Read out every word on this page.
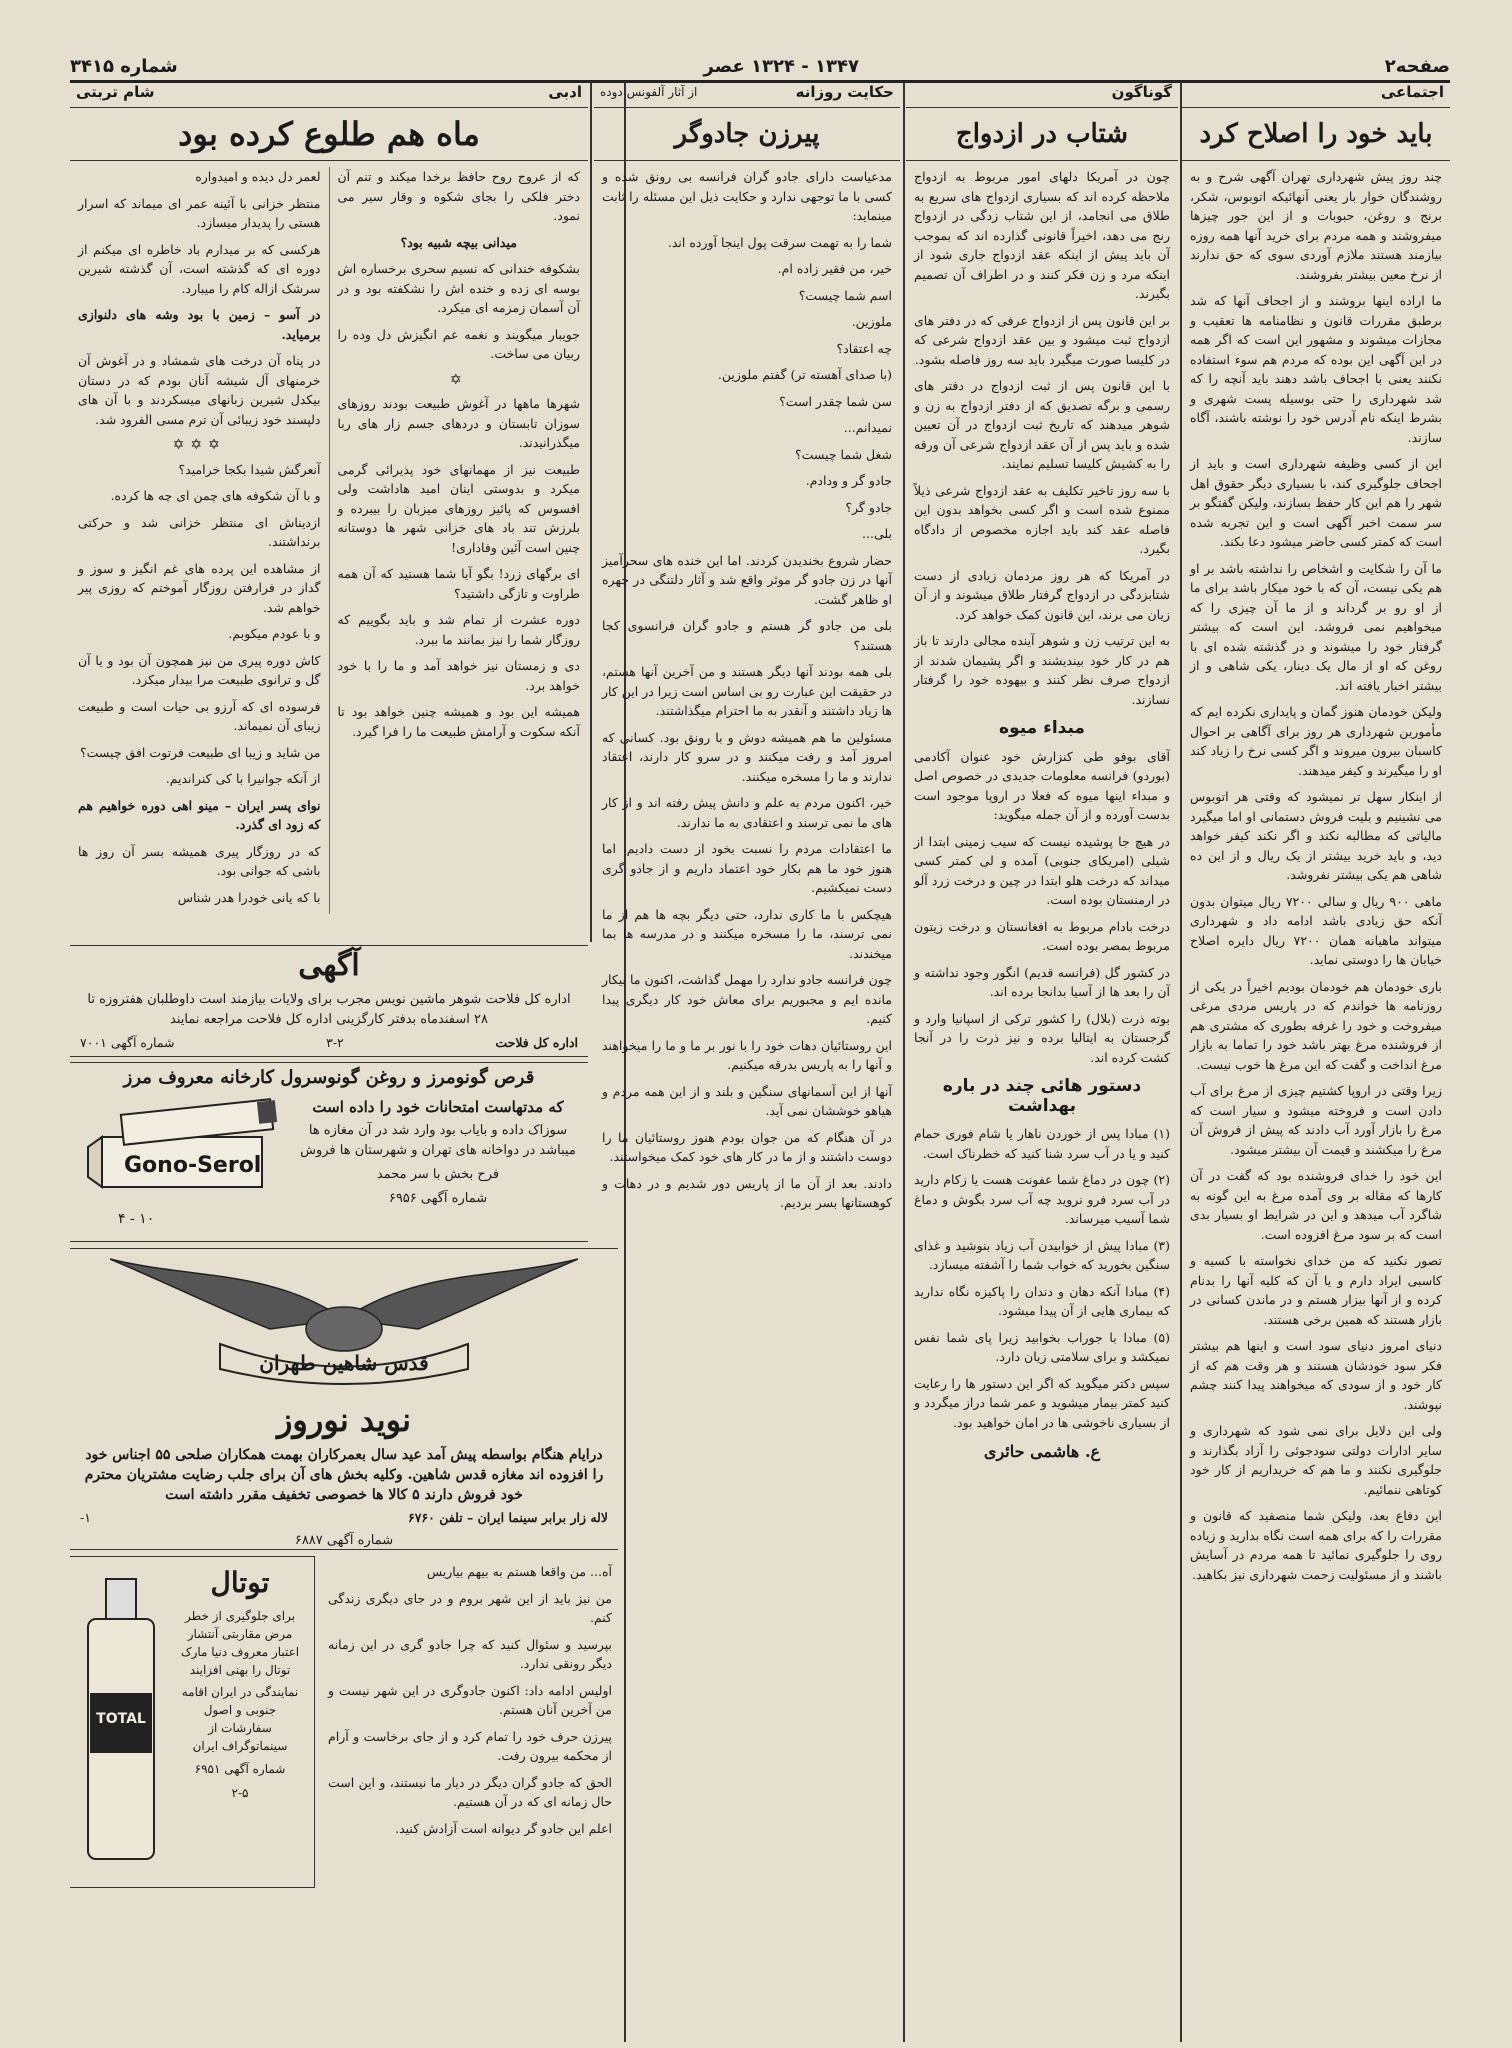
صفحه۲
۱۳۴۷ - ۱۳۲۴ عصر
شماره ۳۴۱۵
اجتماعی
باید خود را اصلاح کرد

چند روز پیش شهرداری تهران آگهی شرح و به روشندگان خوار بار یعنی آنهائیکه اتوبوس، شکر، برنج و روغن، حبوبات و از این جور چیزها میفروشند و همه مردم برای خرید آنها همه روزه بیازمند هستند ملازم آوردی سوی که حق ندارند از نرخ معین بیشتر بفروشند.

ما اراده اینها بروشند و از اجحاف آنها که شد برطبق مقررات قانون و نظامنامه ها تعقیب و مجازات میشوند و مشهور این است که اگر همه در این آگهی این بوده که مردم هم سوء استفاده نکنند یعنی با اجحاف باشد دهند باید آنچه را که شد شهرداری را حتی بوسیله پست شهری و بشرط اینکه نام آدرس خود را نوشته باشند، آگاه سازند.

این از کسی وظیفه شهرداری است و باید از اجحاف جلوگیری کند، با بسیاری دیگر حقوق اهل شهر را هم این کار حفظ بسازند، ولیکن گفتگو بر سر سمت اخبر آگهی است و این تجربه شده است که کمتر کسی حاضر میشود دعا بکند.

ما آن را شکایت و اشخاص را نداشته باشد بر او هم یکی نیست، آن که با خود میکار باشد برای ما از او رو بر گرداند و از ما آن چیزی را که میخواهیم نمی فروشد. این است که بیشتر گرفتار خود را میشوند و در گذشته شده ای با روغن که او از مال یک دینار، یکی شاهی و از بیشتر اخبار یافته اند.

ولیکن خودمان هنوز گمان و پایداری نکرده ایم که مأمورین شهرداری هر روز برای آگاهی بر احوال کاسبان بیرون میروند و اگر کسی نرخ را زیاد کند او را میگیرند و کیفر میدهند.

از اینکار سهل تر نمیشود که وقتی هر اتوبوس می نشینیم و بلیت فروش دستمانی او اما میگیرد مالیاتی که مطالبه نکند و اگر نکند کیفر خواهد دید، و باید خرید بیشتر از یک ریال و از این ده شاهی هم یکی بیشتر نفروشد.

ماهی ۹۰۰ ریال و سالی ۷۲۰۰ ریال میتوان بدون آنکه حق زیادی باشد ادامه داد و شهرداری میتواند ماهیانه همان ۷۲۰۰ ریال دایره اصلاح خیابان ها را دوستی نماید.

باری خودمان هم خودمان بودیم اخیراً در یکی از روزنامه ها خواندم که در پاریس مردی مرغی میفروخت و خود را غرفه بطوری که مشتری هم از فروشنده مرغ بهتر باشد خود را تماما به بازار مرغ انداخت و گفت که این مرغ ها خوب نیست.

زیرا وقتی در اروپا کشتیم چیزی از مرغ برای آب دادن است و فروخته میشود و سیار است که مرغ را بازار آورد آب دادند که پیش از فروش آن مرغ را میکشند و قیمت آن بیشتر میشود.

این خود را خدای فروشنده بود که گفت در آن کارها که مقاله بر وی آمده مرغ به این گونه به شاگرد آب میدهد و این در شرایط او بسیار بدی است که بر سود مرغ افزوده است.

تصور نکنید که من خدای نخواسته با کسیه و کاسبی ایراد دارم و یا آن که کلیه آنها را بدنام کرده و از آنها بیزار هستم و در ماندن کسانی در بازار هستند که همین برخی هستند.

دنیای امروز دنیای سود است و اینها هم بیشتر فکر سود خودشان هستند و هر وقت هم که از کار خود و از سودی که میخواهند پیدا کنند چشم نپوشند.

ولی این دلایل برای نمی شود که شهرداری و سایر ادارات دولتی سودجوئی را آزاد بگذارند و جلوگیری نکنند و ما هم که خریداریم از کار خود کوتاهی ننمائیم.

این دفاع بعد، ولیکن شما منصفید که قانون و مقررات را که برای همه است نگاه بدارید و زیاده روی را جلوگیری نمائید تا همه مردم در آسایش باشند و از مسئولیت زحمت شهرداری نیز بکاهید.

گوناگون
شتاب در ازدواج

چون در آمریکا دلهای امور مربوط به ازدواج ملاحظه کرده اند که بسیاری ازدواج های سریع به طلاق می انجامد، از این شتاب زدگی در ازدواج رنج می دهد، اخیراً قانونی گذارده اند که بموجب آن باید پیش از اینکه عقد ازدواج جاری شود از اینکه مرد و زن فکر کنند و در اطراف آن تصمیم بگیرند.

بر این قانون پس از ازدواج عرفی که در دفتر های ازدواج ثبت میشود و بین عقد ازدواج شرعی که در کلیسا صورت میگیرد باید سه روز فاصله بشود.

با این قانون پس از ثبت ازدواج در دفتر های رسمی و برگه تصدیق که از دفتر ازدواج به زن و شوهر میدهند که تاریخ ثبت ازدواج در آن تعیین شده و باید پس از آن عقد ازدواج شرعی آن ورقه را به کشیش کلیسا تسلیم نمایند.

با سه روز تاخیر تکلیف به عقد ازدواج شرعی ذیلاً ممنوع شده است و اگر کسی بخواهد بدون این فاصله عقد کند باید اجازه مخصوص از دادگاه بگیرد.

در آمریکا که هر روز مردمان زیادی از دست شتابزدگی در ازدواج گرفتار طلاق میشوند و از آن زیان می برند، این قانون کمک خواهد کرد.

به این ترتیب زن و شوهر آینده مجالی دارند تا باز هم در کار خود بیندیشند و اگر پشیمان شدند از ازدواج صرف نظر کنند و بیهوده خود را گرفتار نسازند.

مبداء میوه

آقای بوفو طی کنزارش خود عنوان آکادمی (بوردو) فرانسه معلومات جدیدی در خصوص اصل و مبداء اینها میوه که فعلا در اروپا موجود است بدست آورده و از آن جمله میگوید:

در هیچ جا پوشیده نیست که سیب زمینی ابتدا از شیلی (امریکای جنوبی) آمده و لی کمتر کسی میداند که درخت هلو ابتدا در چین و درخت زرد آلو در ارمنستان بوده است.

درخت بادام مربوط به افغانستان و درخت زیتون مربوط بمصر بوده است.

در کشور گل (فرانسه قدیم) انگور وجود نداشته و آن را بعد ها از آسیا بدانجا برده اند.

بوته ذرت (بلال) را کشور ترکی از اسپانیا وارد و گرجستان به ایتالیا برده و نیز ذرت را در آنجا کشت کرده اند.

دستور هائی چند در باره بهداشت

(۱) مبادا پس از خوردن ناهار یا شام فوری حمام کنید و یا در آب سرد شنا کنید که خطرناک است.

(۲) چون در دماغ شما عفونت هست یا زکام دارید در آب سرد فرو نروید چه آب سرد بگوش و دماغ شما آسیب میرساند.

(۳) مبادا پیش از خوابیدن آب زیاد بنوشید و غذای سنگین بخورید که خواب شما را آشفته میسازد.

(۴) مبادا آنکه دهان و دندان را پاکیزه نگاه ندارید که بیماری هایی از آن پیدا میشود.

(۵) مبادا با جوراب بخوابید زیرا پای شما نفس نمیکشد و برای سلامتی زیان دارد.

سپس دکتر میگوید که اگر این دستور ها را رعایت کنید کمتر بیمار میشوید و عمر شما دراز میگردد و از بسیاری ناخوشی ها در امان خواهید بود.

ع. هاشمی حائری
حکایت روزانه
از آثار آلفونس دوده
پیرزن جادوگر

مدعیاست دارای جادو گران فرانسه بی رونق شده و کسی با ما توجهی ندارد و حکایت ذیل این مسئله را ثابت مینماید:

شما را به تهمت سرقت پول اینجا آورده اند.

خیر، من فقیر زاده ام.

اسم شما چیست؟

ملوزین.

چه اعتقاد؟

(با صدای آهسته تر) گفتم ملوزین.

سن شما چقدر است؟

نمیدانم...

شغل شما چیست؟

جادو گر و ودادم.

جادو گر؟

بلی...

حضار شروع بخندیدن کردند. اما این خنده های سحرآمیز آنها در زن جادو گر موثر واقع شد و آثار دلتنگی در چهره او ظاهر گشت.

بلی من جادو گر هستم و جادو گران فرانسوی کجا هستند؟

بلی همه بودند آنها دیگر هستند و من آخرین آنها هستم، در حقیقت این عبارت رو بی اساس است زیرا در این کار ها زیاد داشتند و آنقدر به ما احترام میگذاشتند.

مسئولین ما هم همیشه دوش و با رونق بود. کسانی که امروز آمد و رفت میکنند و در سرو کار دارند، اعتقاد ندارند و ما را مسخره میکنند.

خیر، اکنون مردم به علم و دانش پیش رفته اند و از کار های ما نمی ترسند و اعتقادی به ما ندارند.

ما اعتقادات مردم را نسبت بخود از دست دادیم، اما هنوز خود ما هم بکار خود اعتماد داریم و از جادو گری دست نمیکشیم.

هیچکس با ما کاری ندارد، حتی دیگر بچه ها هم از ما نمی ترسند، ما را مسخره میکنند و در مدرسه ها بما میخندند.

چون فرانسه جادو ندارد را مهمل گذاشت، اکنون ما بیکار مانده ایم و مجبوریم برای معاش خود کار دیگری پیدا کنیم.

این روستائیان دهات خود را با نور بر ما و ما را میخواهند و آنها را به پاریس بدرقه میکنیم.

آنها از این آسمانهای سنگین و بلند و از این همه مردم و هیاهو خوششان نمی آید.

در آن هنگام که من جوان بودم هنوز روستائیان ما را دوست داشتند و از ما در کار های خود کمک میخواستند.

دادند. بعد از آن ما از پاریس دور شدیم و در دهات و کوهستانها بسر بردیم.

آه... من واقعا هستم به بیهم بیاریس

من نیز باید از این شهر بروم و در جای دیگری زندگی کنم.

بپرسید و سئوال کنید که چرا جادو گری در این زمانه دیگر رونقی ندارد.

اولیس ادامه داد: اکنون جادوگری در این شهر نیست و من آخرین آنان هستم.

پیرزن حرف خود را تمام کرد و از جای برخاست و آرام از محکمه بیرون رفت.

الحق که جادو گران دیگر در دیار ما نیستند، و این است حال زمانه ای که در آن هستیم.

اعلم این جادو گر دیوانه است آزادش کنید.

ادبی
شام تربتی
ماه هم طلوع کرده بود

که از عروج روح حافظ برخدا میکند و تنم آن دختر فلکی را بجای شکوه و وقار سیر می نمود.

میدانی بیچه شبیه بود؟

بشکوفه خندانی که نسیم سحری برخساره اش بوسه ای زده و خنده اش را نشکفته بود و در آن آسمان زمزمه ای میکرد.

جویبار میگویند و نغمه عم انگیزش دل وده را ربیان می ساخت.

✡

شهرها ماهها در آغوش طبیعت بودند روزهای سوزان تابستان و دردهای جسم زار های ربا میگذرانیدند.

طبیعت نیز از مهمانهای خود پذیرائی گرمی میکرد و بدوستی اینان امید هاداشت ولی افسوس که پائیز روزهای میزبان را بیبرده و بلرزش تند باد های خزانی شهر ها دوستانه چنین است آئین وفاداری!

ای برگهای زرد! بگو آیا شما هستید که آن همه طراوت و تازگی داشتید؟

دوره عشرت از تمام شد و باید بگوییم که روزگار شما را نیز بمانند ما ببرد.

دی و زمستان نیز خواهد آمد و ما را با خود خواهد برد.

همیشه این بود و همیشه چنین خواهد بود تا آنکه سکوت و آرامش طبیعت ما را فرا گیرد.

لعمر دل دیده و امیدواره

منتظر خزانی با آئینه عمر ای میماند که اسرار هستی را پدیدار میسازد.

هرکسی که بر میدارم باد خاطره ای میکنم از دوره ای که گذشته است، آن گذشته شیرین سرشک ازاله کام را میبارد.

در آسو – زمین با بود وشه های دلنوازی برمیاید.

در پناه آن درخت های شمشاد و در آغوش آن خرمنهای آل شیشه آنان بودم که در دستان بیکدل شیرین زبانهای میسکردند و با آن های دلپسند خود زیبائی آن ترم مسی الفرود شد.

✡✡✡

آنعرگش شیدا بکجا خرامید؟

و با آن شکوفه های چمن ای چه ها کرده.

ازدیناش ای منتظر خزانی شد و حرکتی برنداشتند.

از مشاهده این پرده های غم انگیز و سوز و گداز در فرارفتن روزگار آموختم که روزی پیر خواهم شد.

و با عودم میکوبم.

کاش دوره پیری من نیز همچون آن بود و یا آن گل و ترانوی طبیعت مرا بیدار میکرد.

فرسوده ای که آرزو بی حیات است و طبیعت زیبای آن نمیماند.

من شاید و زیبا ای طبیعت فرتوت افق چیست؟

از آنکه جوانیرا با کی کنراندیم.

نوای پسر ایران – مینو اهی دوره خواهیم هم که زود ای گذرد.

که در روزگار پیری همیشه بسر آن روز ها باشی که جوانی بود.

با که یانی خودرا هدر شناس

آگهی
اداره کل فلاحت شوهر ماشین نویس مجرب برای ولایات بیازمند است داوطلبان هفتروزه تا ۲۸ اسفندماه بدفتر کارگزینی اداره کل فلاحت مراجعه نمایند
اداره کل فلاحت
۳-۲
شماره آگهی ۷۰۰۱
قرص گونومرز و روغن گونوسرول کارخانه معروف مرز
که مدتهاست امتحانات خود را داده است
سوزاک داده و بایاب بود وارد شد در آن مغازه ها میباشد در دواخانه های تهران و شهرستان ها فروش
فرح بخش با سر محمد
شماره آگهی ۶۹۵۶
Gono-Serol
۱۰ - ۴
قدس شاهین طهران
نوید نوروز
درایام هنگام بواسطه پیش آمد عید سال بعمرکاران بهمت همکاران صلحی ۵۵ اجناس خود را افزوده اند مغازه قدس شاهین. وکلیه بخش های آن برای جلب رضایت مشتریان محترم خود فروش دارند ۵ کالا ها خصوصی تخفیف مقرر داشته است
لاله زار برابر سینما ایران – تلفن ۶۷۶۰
۱-
شماره آگهی ۶۸۸۷
TOTAL
توتال
برای جلوگیری از خطر مرض مقاربتی آنتشار اعتبار معروف دنیا مارک توتال را بهنی افزایند
نمایندگی در ایران اقامه جنوبی و اصول سفارشات از سینماتوگراف ایران
شماره آگهی ۶۹۵۱
۲-۵
